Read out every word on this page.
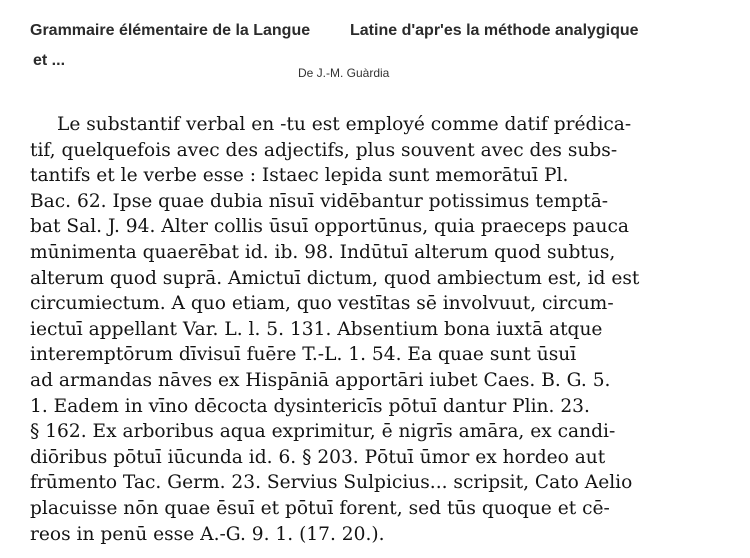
Grammaire élémentaire de la Langue Latine d'apr'es la méthode analygique
et ...
De J.-M. Guàrdia
Le substantif verbal en -tu est employé comme datif prédica-
tif, quelquefois avec des adjectifs, plus souvent avec des subs-
tantifs et le verbe esse : Istaec lepida sunt memorātuī Pl.
Bac. 62. Ipse quae dubia nīsuī vidēbantur potissimus temptā-
bat Sal. J. 94. Alter collis ūsuī opportūnus, quia praeceps pauca
mūnimenta quaerēbat id. ib. 98. Indūtuī alterum quod subtus,
alterum quod suprā. Amictuī dictum, quod ambiectum est, id est
circumiectum. A quo etiam, quo vestītas sē involvuut, circum-
iectuī appellant Var. L. l. 5. 131. Absentium bona iuxtā atque
interemptōrum dīvisuī fuēre T.-L. 1. 54. Ea quae sunt ūsuī
ad armandas nāves ex Hispāniā apportāri iubet Caes. B. G. 5.
1. Eadem in vīno dēcocta dysintericīs pōtuī dantur Plin. 23.
§ 162. Ex arboribus aqua exprimitur, ē nigrīs amāra, ex candi-
diōribus pōtuī iūcunda id. 6. § 203. Pōtuī ūmor ex hordeo aut
frūmento Tac. Germ. 23. Servius Sulpicius... scripsit, Cato Aelio
placuisse nōn quae ēsuī et pōtuī forent, sed tūs quoque et cē-
reos in penū esse A.-G. 9. 1. (17. 20.).
